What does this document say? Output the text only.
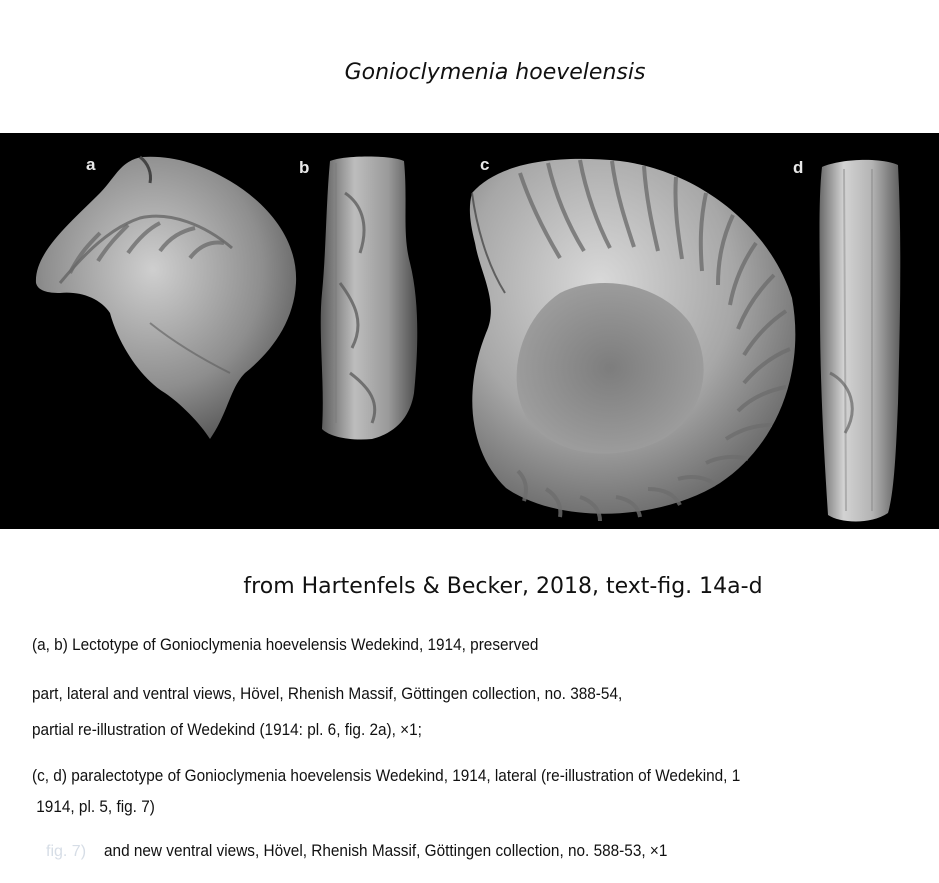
Gonioclymenia hoevelensis
a	b	c	d
from Hartenfels & Becker, 2018, text-fig. 14a-d
(a, b) Lectotype of Gonioclymenia hoevelensis Wedekind, 1914, preserved
part, lateral and ventral views, Hövel, Rhenish Massif, Göttingen collection, no. 388-54,
partial re-illustration of Wedekind (1914: pl. 6, fig. 2a), ×1;
(c, d) paralectotype of Gonioclymenia hoevelensis Wedekind, 1914, lateral (re-illustration of Wedekind, 1
1914, pl. 5, fig. 7)
fig. 7) and new ventral views, Hövel, Rhenish Massif, Göttingen collection, no. 588-53, ×1
